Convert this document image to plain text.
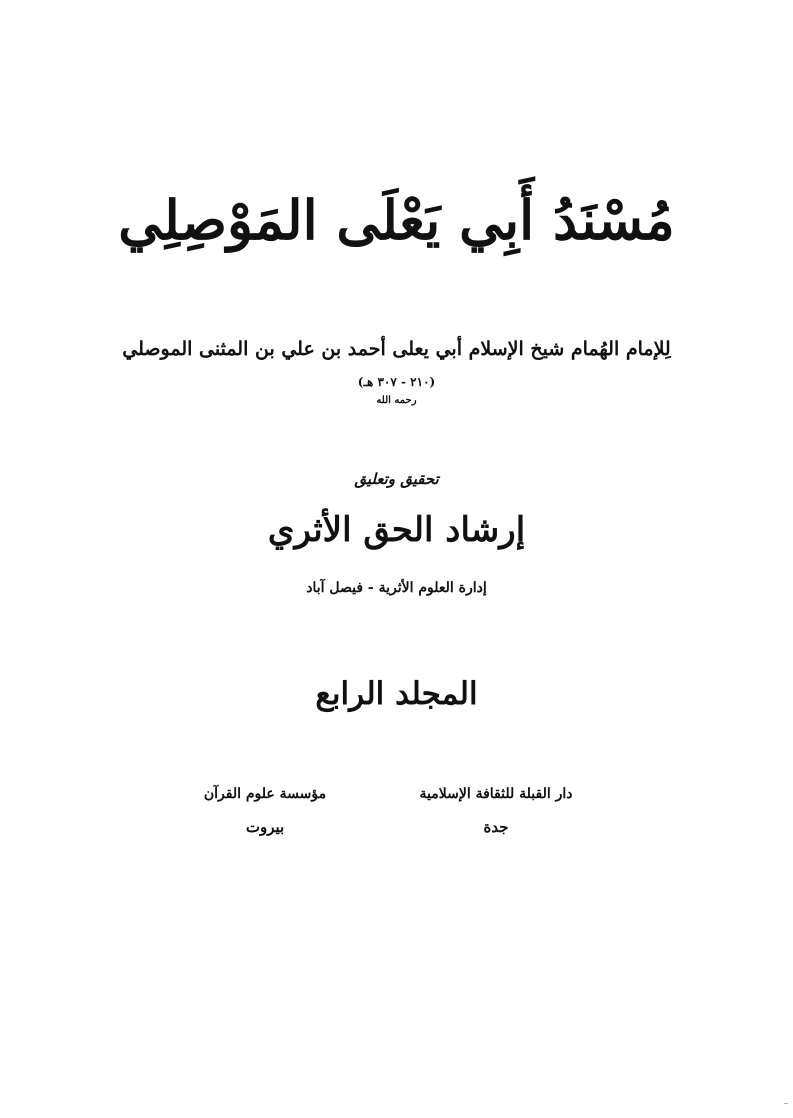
مُسْنَدُ أَبِي يَعْلَى المَوْصِلِي
لِلإمام الهُمام شيخ الإسلام أبي يعلى أحمد بن علي بن المثنى الموصلي
(٢١٠ - ٣٠٧ هـ)
رحمه الله
تحقيق وتعليق
إرشاد الحق الأثري
إدارة العلوم الأثرية - فيصل آباد
المجلد الرابع
دار القبلة للثقافة الإسلامية
جدة
مؤسسة علوم القرآن
بيروت
~
